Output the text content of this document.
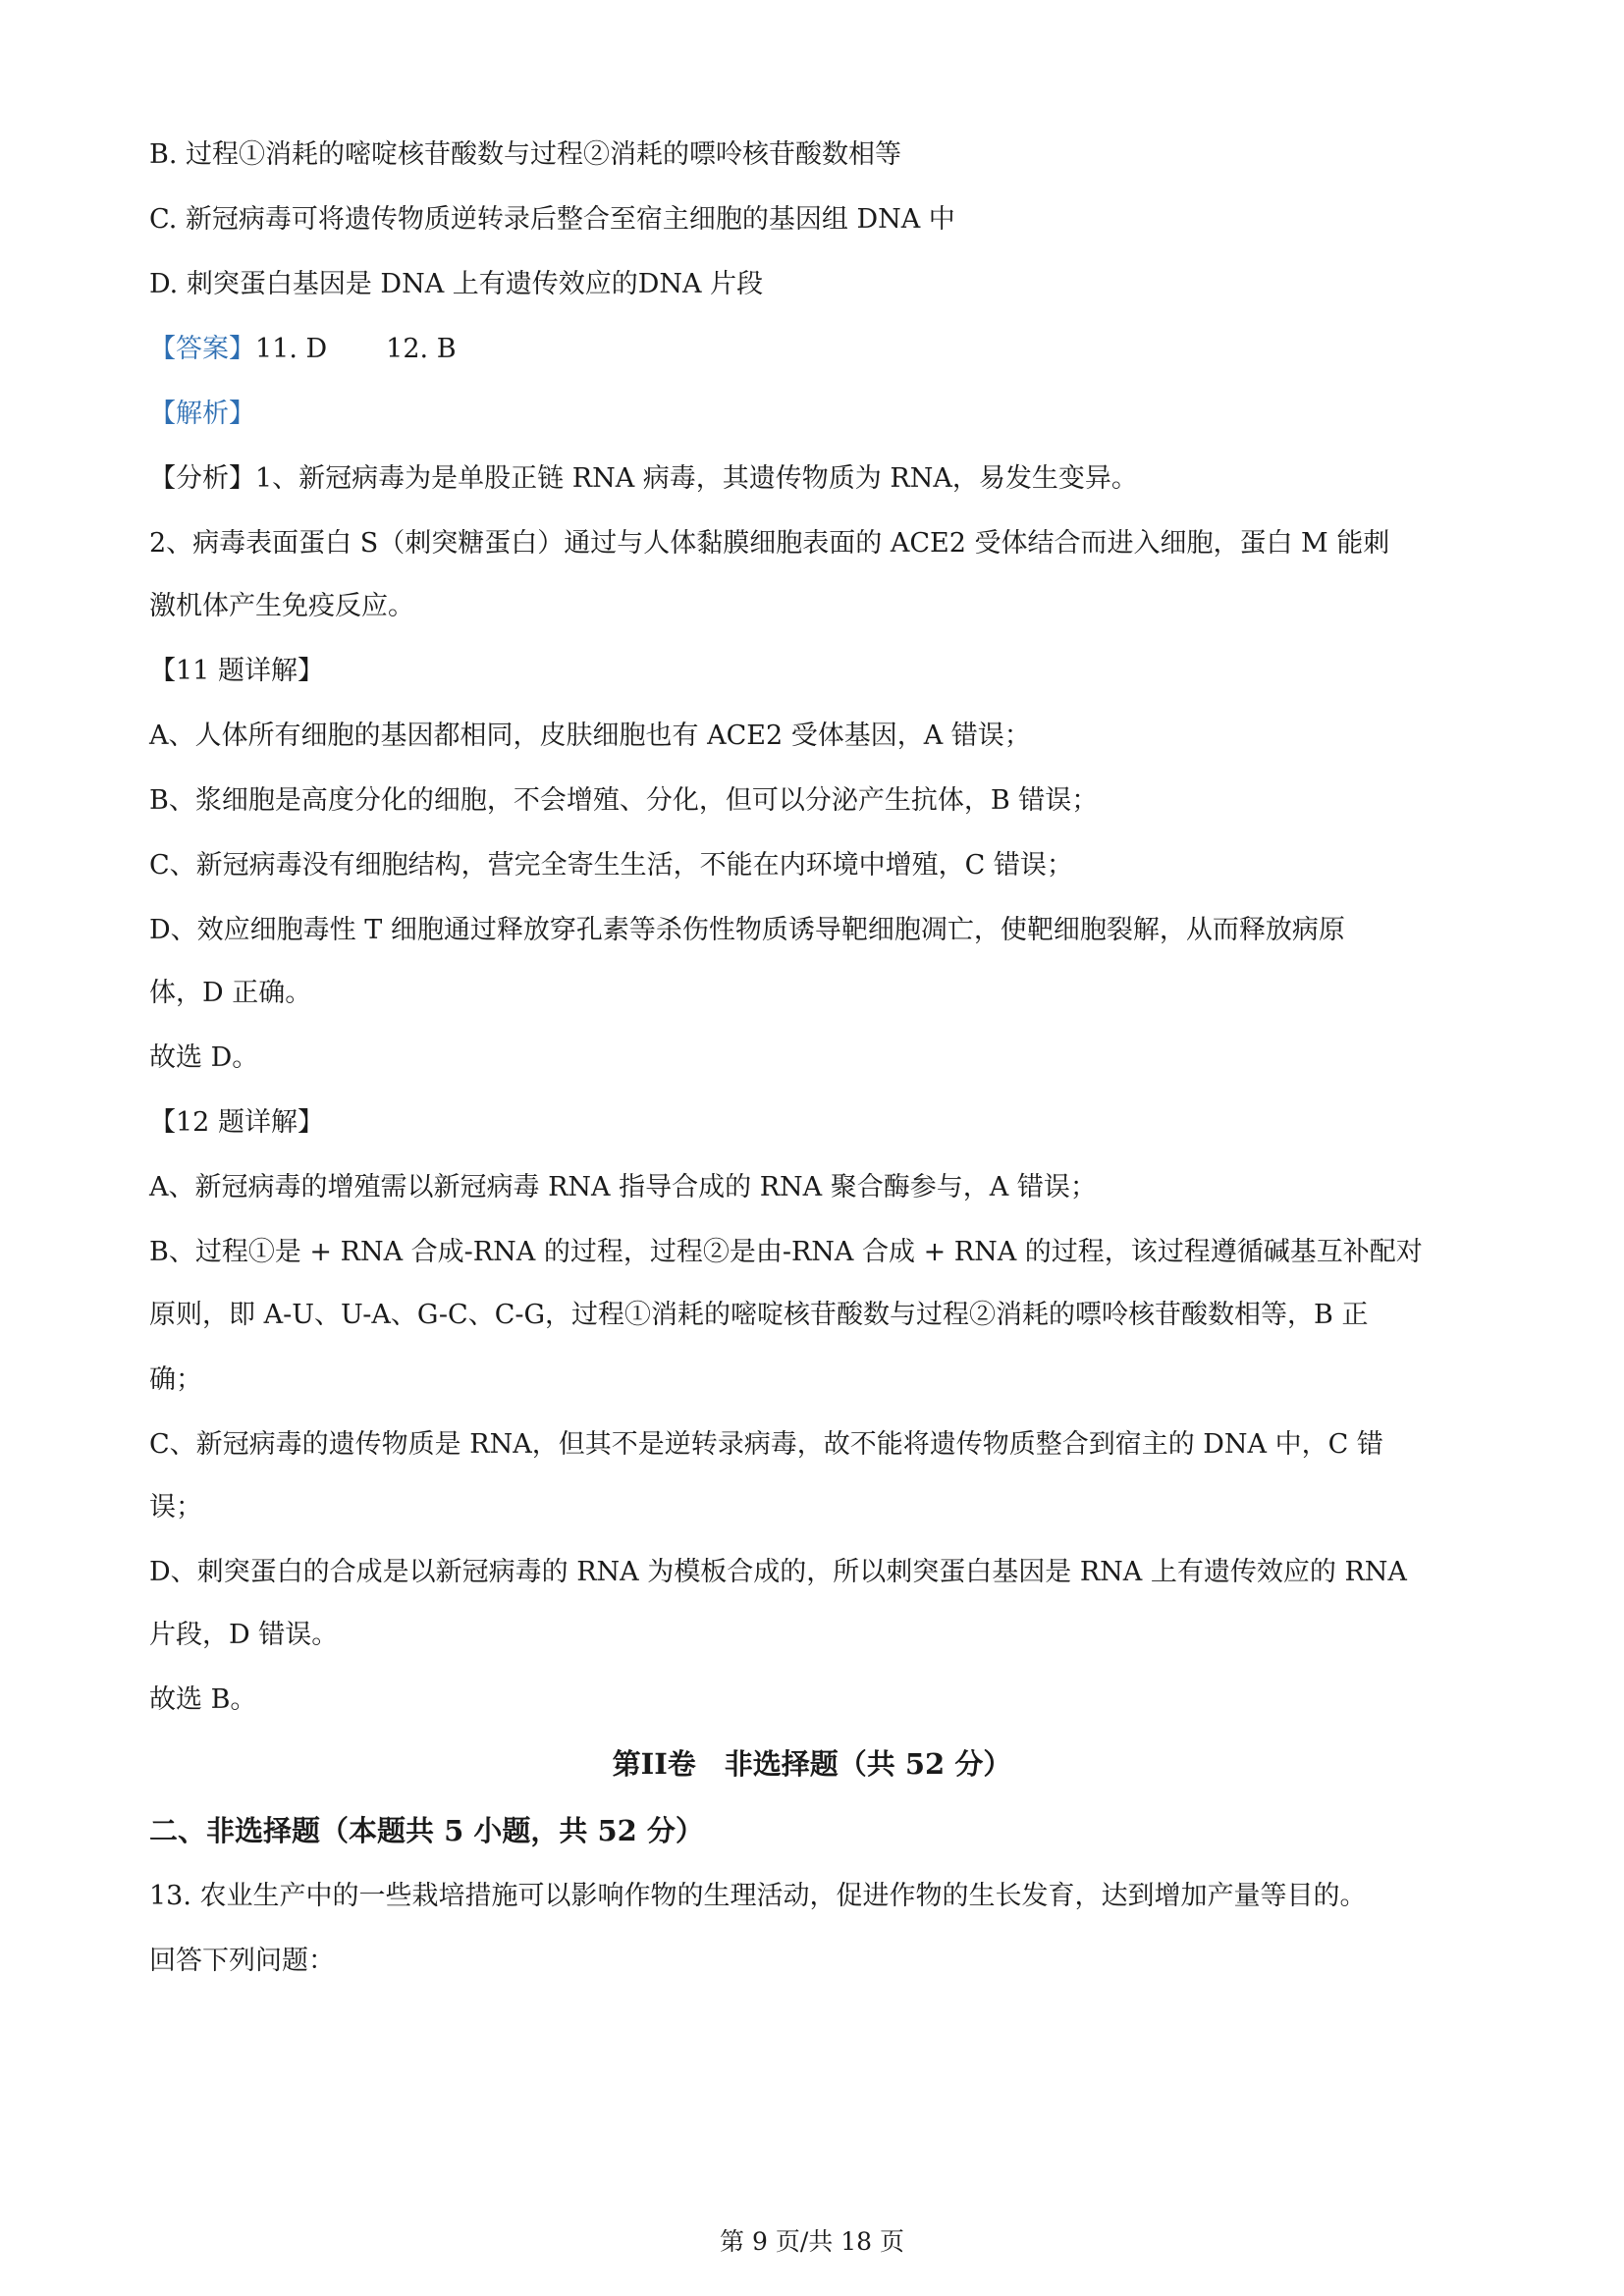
B. 过程①消耗的嘧啶核苷酸数与过程②消耗的嘌呤核苷酸数相等
C. 新冠病毒可将遗传物质逆转录后整合至宿主细胞的基因组 DNA 中
D. 刺突蛋白基因是 DNA 上有遗传效应的DNA 片段
【答案】11. D 12. B
【解析】
【分析】1、新冠病毒为是单股正链 RNA 病毒，其遗传物质为 RNA，易发生变异。
2、病毒表面蛋白 S（刺突糖蛋白）通过与人体黏膜细胞表面的 ACE2 受体结合而进入细胞，蛋白 M 能刺
激机体产生免疫反应。
【11 题详解】
A、人体所有细胞的基因都相同，皮肤细胞也有 ACE2 受体基因，A 错误；
B、浆细胞是高度分化的细胞，不会增殖、分化，但可以分泌产生抗体，B 错误；
C、新冠病毒没有细胞结构，营完全寄生生活，不能在内环境中增殖，C 错误；
D、效应细胞毒性 T 细胞通过释放穿孔素等杀伤性物质诱导靶细胞凋亡，使靶细胞裂解，从而释放病原
体，D 正确。
故选 D。
【12 题详解】
A、新冠病毒的增殖需以新冠病毒 RNA 指导合成的 RNA 聚合酶参与，A 错误；
B、过程①是 + RNA 合成-RNA 的过程，过程②是由-RNA 合成 + RNA 的过程，该过程遵循碱基互补配对
原则，即 A-U、U-A、G-C、C-G，过程①消耗的嘧啶核苷酸数与过程②消耗的嘌呤核苷酸数相等，B 正
确；
C、新冠病毒的遗传物质是 RNA，但其不是逆转录病毒，故不能将遗传物质整合到宿主的 DNA 中，C 错
误；
D、刺突蛋白的合成是以新冠病毒的 RNA 为模板合成的，所以刺突蛋白基因是 RNA 上有遗传效应的 RNA
片段，D 错误。
故选 B。
第II卷　非选择题（共 52 分）
二、非选择题（本题共 5 小题，共 52 分）
13. 农业生产中的一些栽培措施可以影响作物的生理活动，促进作物的生长发育，达到增加产量等目的。
回答下列问题：
第 9 页/共 18 页
